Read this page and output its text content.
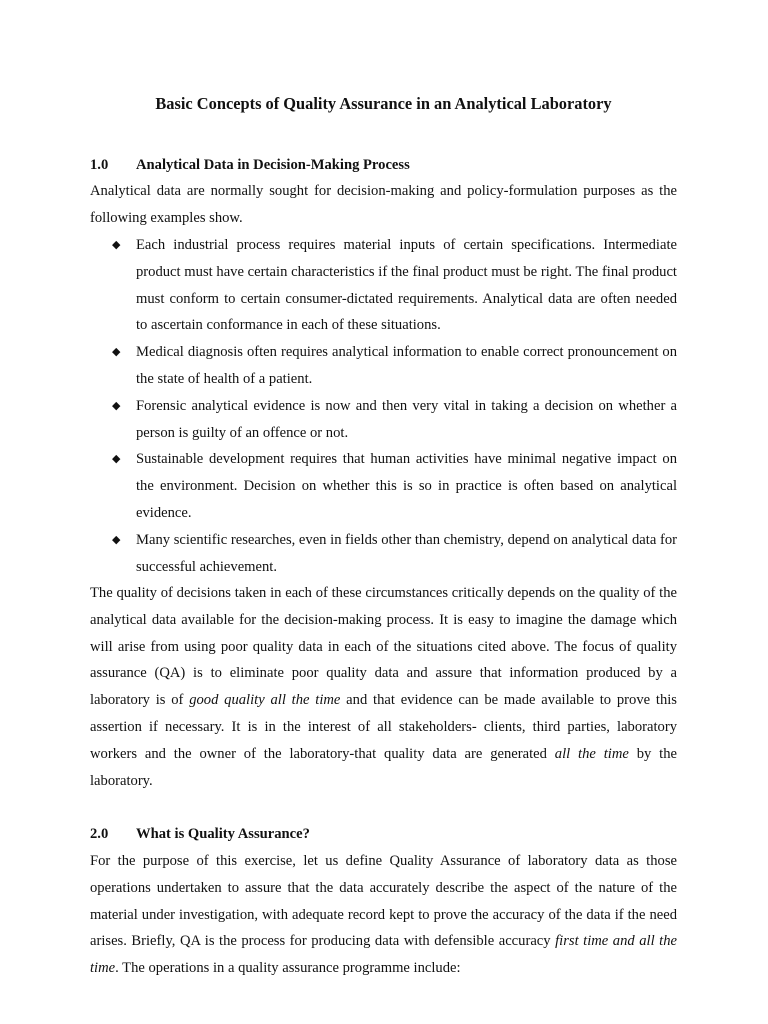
Basic Concepts of Quality Assurance in an Analytical Laboratory
1.0 Analytical Data in Decision-Making Process

Analytical data are normally sought for decision-making and policy-formulation purposes as the following examples show.

◆ Each industrial process requires material inputs of certain specifications. Intermediate product must have certain characteristics if the final product must be right. The final product must conform to certain consumer-dictated requirements. Analytical data are often needed to ascertain conformance in each of these situations.
◆ Medical diagnosis often requires analytical information to enable correct pronouncement on the state of health of a patient.
◆ Forensic analytical evidence is now and then very vital in taking a decision on whether a person is guilty of an offence or not.
◆ Sustainable development requires that human activities have minimal negative impact on the environment. Decision on whether this is so in practice is often based on analytical evidence.
◆ Many scientific researches, even in fields other than chemistry, depend on analytical data for successful achievement.

The quality of decisions taken in each of these circumstances critically depends on the quality of the analytical data available for the decision-making process. It is easy to imagine the damage which will arise from using poor quality data in each of the situations cited above. The focus of quality assurance (QA) is to eliminate poor quality data and assure that information produced by a laboratory is of good quality all the time and that evidence can be made available to prove this assertion if necessary. It is in the interest of all stakeholders- clients, third parties, laboratory workers and the owner of the laboratory-that quality data are generated all the time by the laboratory.

2.0 What is Quality Assurance?

For the purpose of this exercise, let us define Quality Assurance of laboratory data as those operations undertaken to assure that the data accurately describe the aspect of the nature of the material under investigation, with adequate record kept to prove the accuracy of the data if the need arises. Briefly, QA is the process for producing data with defensible accuracy first time and all the time. The operations in a quality assurance programme include:
